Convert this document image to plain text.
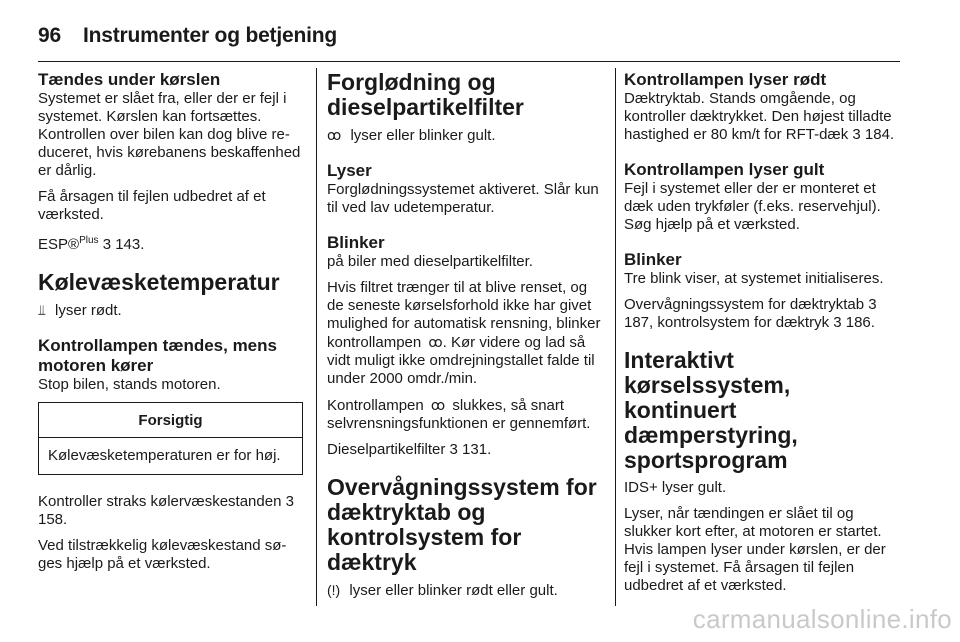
96 Instrumenter og betjening
Tændes under kørslen

Systemet er slået fra, eller der er fejl i systemet. Kørslen kan fortsættes. Kontrollen over bilen kan dog blive reduceret, hvis kørebanens beskaffenhed er dårlig.

Få årsagen til fejlen udbedret af et værksted.

ESP®$^{Plus}$ 3 143.

Kølevæsketemperatur

⫫ lyser rødt.

Kontrollampen tændes, mens motoren kører

Stop bilen, stands motoren.

Forsigtig
Kølevæsketemperaturen er for høj.

Kontroller straks kølervæskestanden 3 158.

Ved tilstrækkelig kølevæskestand søges hjælp på et værksted.

Forglødning og dieselpartikelfilter

ꝏ lyser eller blinker gult.

Lyser

Forglødningssystemet aktiveret. Slår kun til ved lav udetemperatur.

Blinker

på biler med dieselpartikelfilter.

Hvis filtret trænger til at blive renset, og de seneste kørselsforhold ikke har givet mulighed for automatisk rensning, blinker kontrollampen ꝏ. Kør videre og lad så vidt muligt ikke omdrejningstallet falde til under 2000 omdr./min.

Kontrollampen ꝏ slukkes, så snart selvrensningsfunktionen er gennemført.

Dieselpartikelfilter 3 131.

Overvågningssystem for dæktryktab og kontrolsystem for dæktryk

(!) lyser eller blinker rødt eller gult.

Kontrollampen lyser rødt

Dæktryktab. Stands omgående, og kontroller dæktrykket. Den højest tilladte hastighed er 80 km/t for RFT-dæk 3 184.

Kontrollampen lyser gult

Fejl i systemet eller der er monteret et dæk uden trykføler (f.eks. reservehjul). Søg hjælp på et værksted.

Blinker

Tre blink viser, at systemet initialiseres.

Overvågningssystem for dæktryktab 3 187, kontrolsystem for dæktryk 3 186.

Interaktivt kørselssystem, kontinuert dæmperstyring, sportsprogram

IDS+ lyser gult.

Lyser, når tændingen er slået til og slukker kort efter, at motoren er startet. Hvis lampen lyser under kørslen, er der fejl i systemet. Få årsagen til fejlen udbedret af et værksted.

carmanualsonline.info
